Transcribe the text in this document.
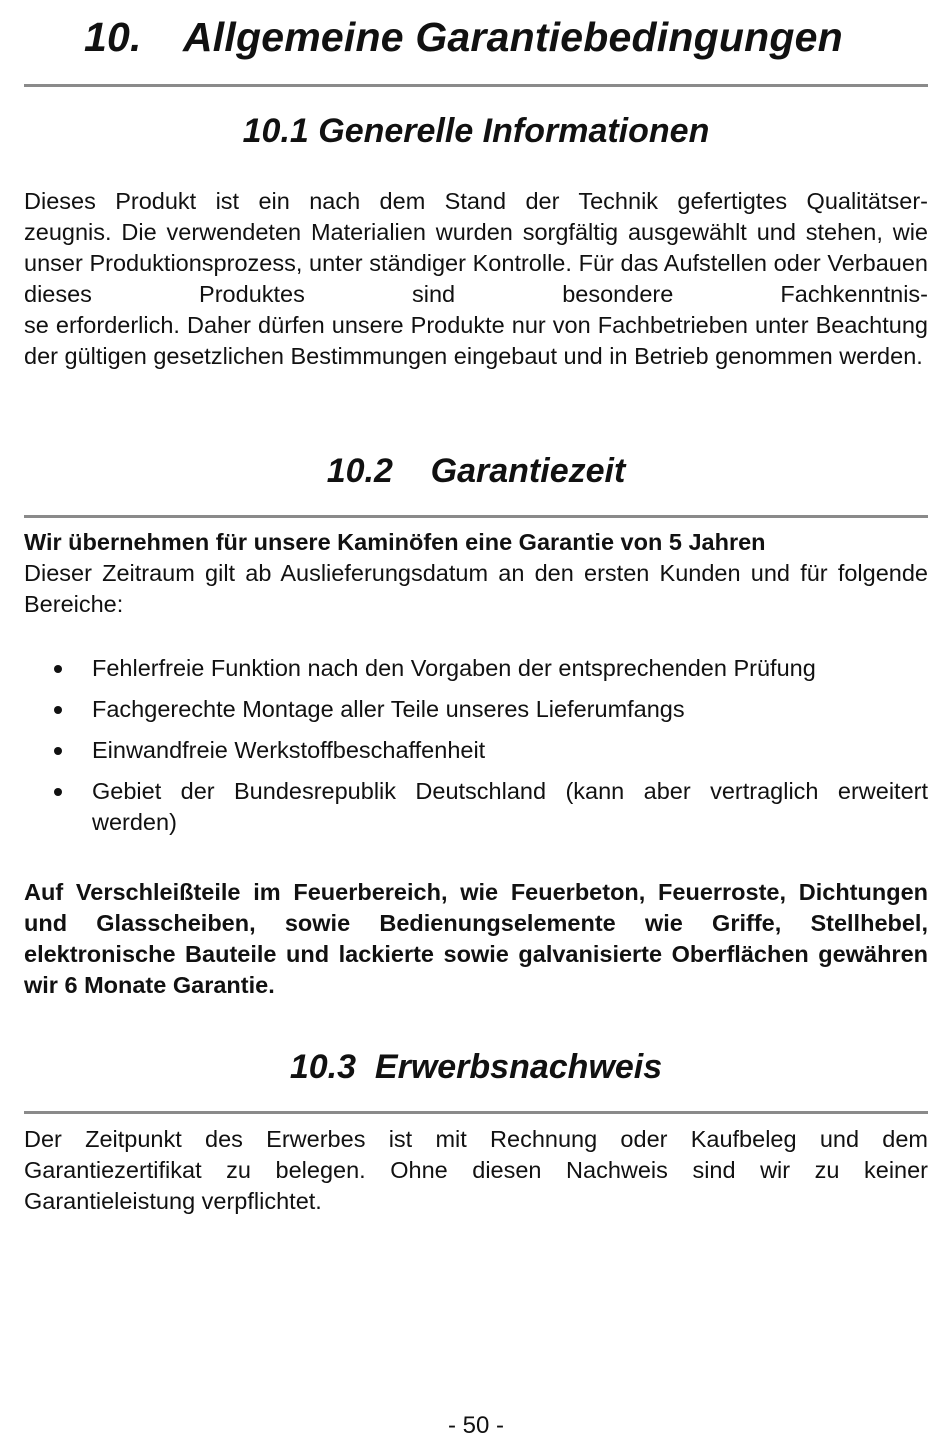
10. Allgemeine Garantiebedingungen
10.1 Generelle Informationen
Dieses Produkt ist ein nach dem Stand der Technik gefertigtes Qualitätser-
zeugnis. Die verwendeten Materialien wurden sorgfältig ausgewählt und stehen, wie unser Produktionsprozess, unter ständiger Kontrolle. Für das Aufstellen oder Verbauen dieses Produktes sind besondere Fachkenntnis-
se erforderlich. Daher dürfen unsere Produkte nur von Fachbetrieben unter Beachtung der gültigen gesetzlichen Bestimmungen eingebaut und in Betrieb genommen werden.
10.2 Garantiezeit
Wir übernehmen für unsere Kaminöfen eine Garantie von 5 Jahren
Dieser Zeitraum gilt ab Auslieferungsdatum an den ersten Kunden und für folgende Bereiche:
Fehlerfreie Funktion nach den Vorgaben der entsprechenden Prüfung
Fachgerechte Montage aller Teile unseres Lieferumfangs
Einwandfreie Werkstoffbeschaffenheit
Gebiet der Bundesrepublik Deutschland (kann aber vertraglich erweitert werden)

Auf Verschleißteile im Feuerbereich, wie Feuerbeton, Feuerroste, Dichtungen und Glasscheiben, sowie Bedienungselemente wie Griffe, Stellhebel, elektronische Bauteile und lackierte sowie galvanisierte Oberflächen gewähren wir 6 Monate Garantie.

10.3 Erwerbsnachweis

Der Zeitpunkt des Erwerbes ist mit Rechnung oder Kaufbeleg und dem Garantiezertifikat zu belegen. Ohne diesen Nachweis sind wir zu keiner Garantieleistung verpflichtet.

- 50 -
